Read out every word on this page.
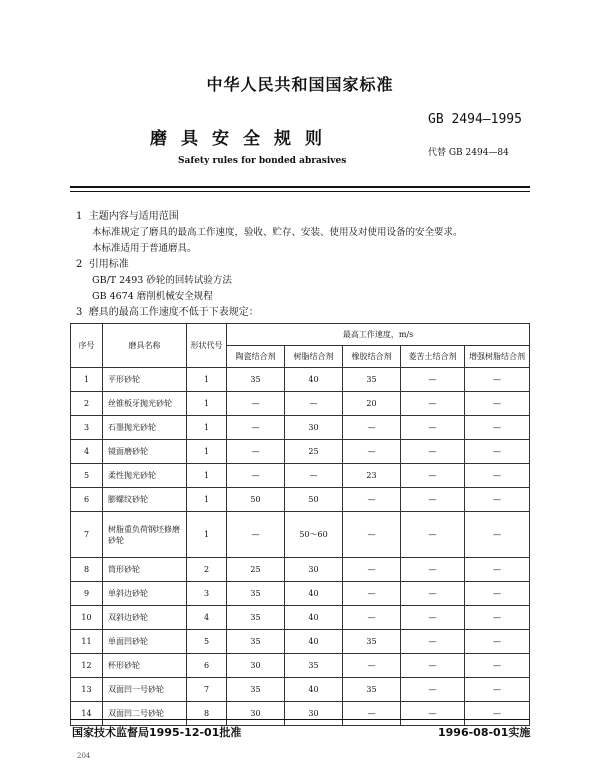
中华人民共和国国家标准
GB 2494—1995
磨具安全规则
代替 GB 2494—84
Safety rules for bonded abrasives
1 主题内容与适用范围
本标准规定了磨具的最高工作速度，验收、贮存、安装、使用及对使用设备的安全要求。
本标准适用于普通磨具。
2 引用标准
GB/T 2493 砂轮的回转试验方法
GB 4674 磨削机械安全规程
3 磨具的最高工作速度不低于下表规定：
序号	磨具名称	形状代号	最高工作速度，m/s				
			陶瓷结合剂	树脂结合剂	橡胶结合剂	菱苦土结合剂	增强树脂结合剂
1	平形砂轮	1	35	40	35	—	—
2	丝锥板牙抛光砂轮	1	—	—	20	—	—
3	石墨抛光砂轮	1	—	30	—	—	—
4	镜面磨砂轮	1	—	25	—	—	—
5	柔性抛光砂轮	1	—	—	23	—	—
6	膨螺纹砂轮	1	50	50	—	—	—
7	树脂重负荷钢坯修磨砂轮	1	—	50～60	—	—	—
8	筒形砂轮	2	25	30	—	—	—
9	单斜边砂轮	3	35	40	—	—	—
10	双斜边砂轮	4	35	40	—	—	—
11	单面凹砂轮	5	35	40	35	—	—
12	杯形砂轮	6	30	35	—	—	—
13	双面凹一号砂轮	7	35	40	35	—	—
14	双面凹二号砂轮	8	30	30	—	—	—
国家技术监督局1995-12-01批准	1996-08-01实施
204
